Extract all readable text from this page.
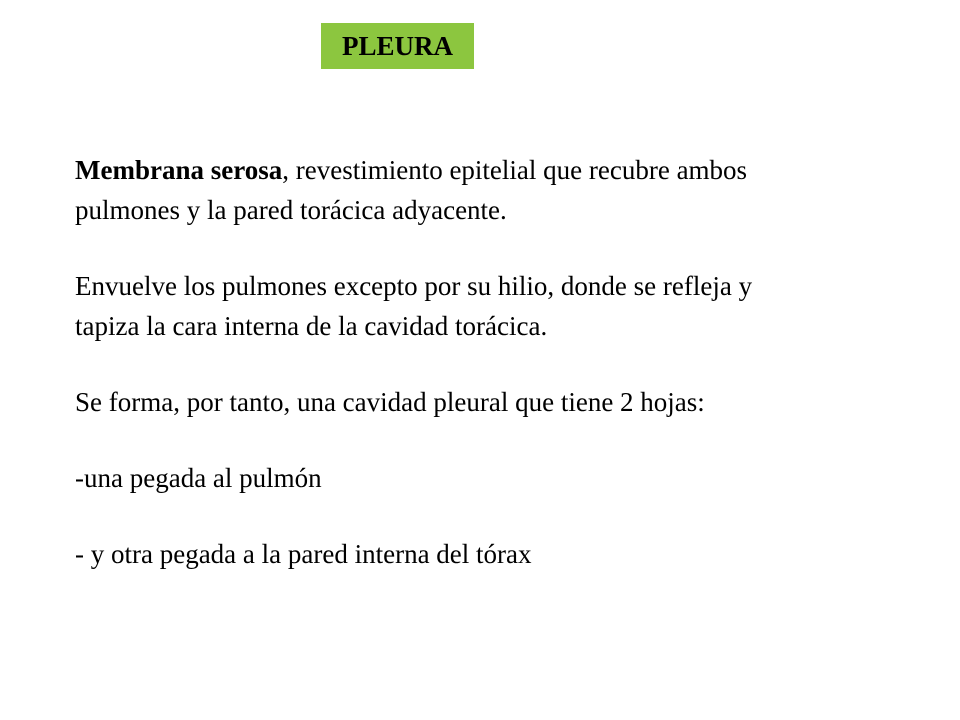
PLEURA

Membrana serosa, revestimiento epitelial que recubre ambos
pulmones y la pared torácica adyacente.

Envuelve los pulmones excepto por su hilio, donde se refleja y
tapiza la cara interna de la cavidad torácica.

Se forma, por tanto, una cavidad pleural que tiene 2 hojas:

-una pegada al pulmón

- y otra pegada a la pared interna del tórax
